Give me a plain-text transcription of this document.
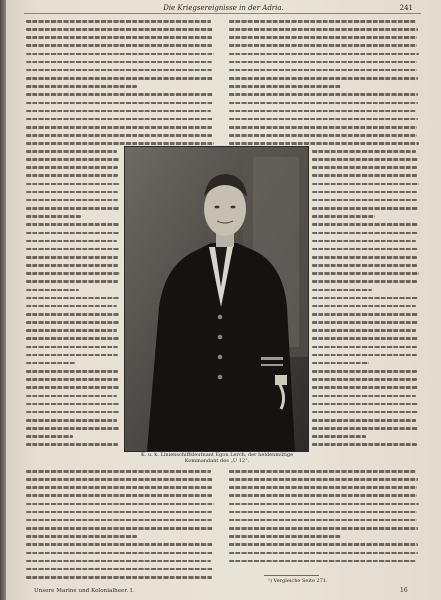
Die Kriegsereignisse in der Adria.	241
K. u. k. Linienschiffsleutnant Egon Lerch, der heldenmütige Kommandant des „U 12“.
¹) Vergleiche Seite 271.
Unsere Marine und Kolonialheer. I.	16
